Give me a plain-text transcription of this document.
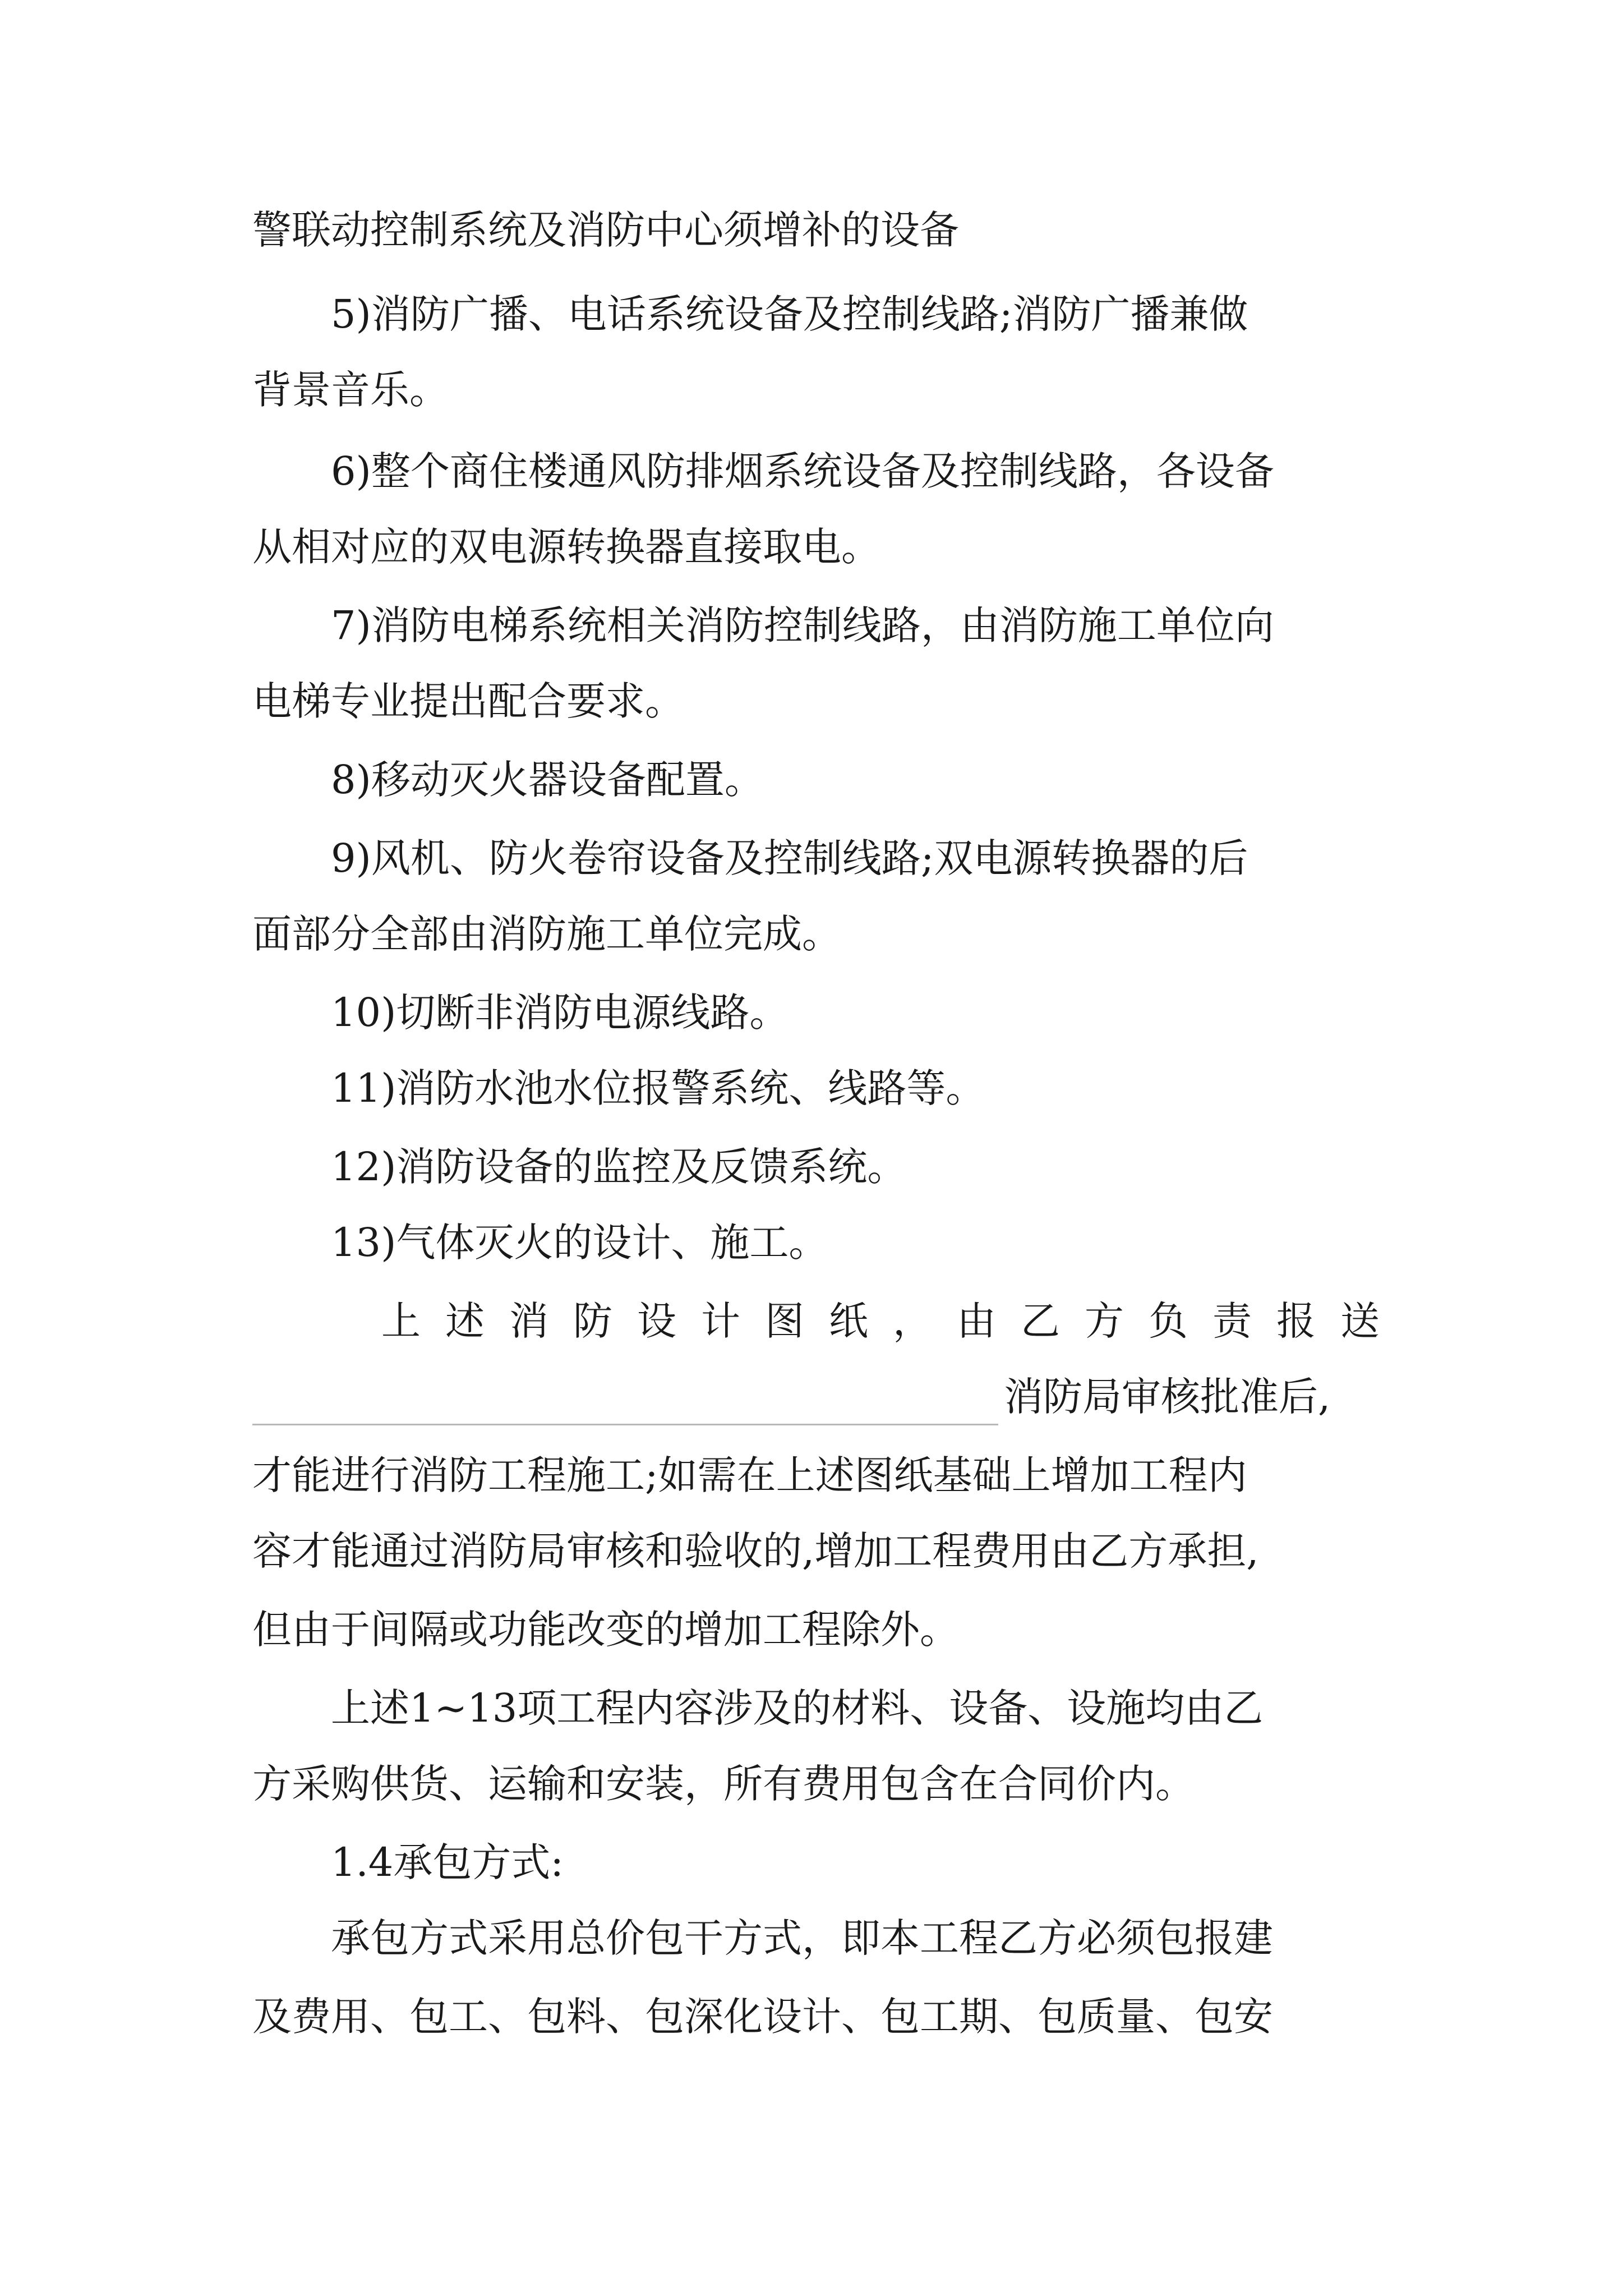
警联动控制系统及消防中心须增补的设备
5)消防广播、电话系统设备及控制线路;消防广播兼做
背景音乐。
6)整个商住楼通风防排烟系统设备及控制线路，各设备
从相对应的双电源转换器直接取电。
7)消防电梯系统相关消防控制线路，由消防施工单位向
电梯专业提出配合要求。
8)移动灭火器设备配置。
9)风机、防火卷帘设备及控制线路;双电源转换器的后
面部分全部由消防施工单位完成。
10)切断非消防电源线路。
11)消防水池水位报警系统、线路等。
12)消防设备的监控及反馈系统。
13)气体灭火的设计、施工。
上述消防设计图纸，由乙方负责报送
消防局审核批准后,
才能进行消防工程施工;如需在上述图纸基础上增加工程内
容才能通过消防局审核和验收的,增加工程费用由乙方承担,
但由于间隔或功能改变的增加工程除外。
上述1~13项工程内容涉及的材料、设备、设施均由乙
方采购供货、运输和安装，所有费用包含在合同价内。
1.4承包方式:
承包方式采用总价包干方式，即本工程乙方必须包报建
及费用、包工、包料、包深化设计、包工期、包质量、包安
